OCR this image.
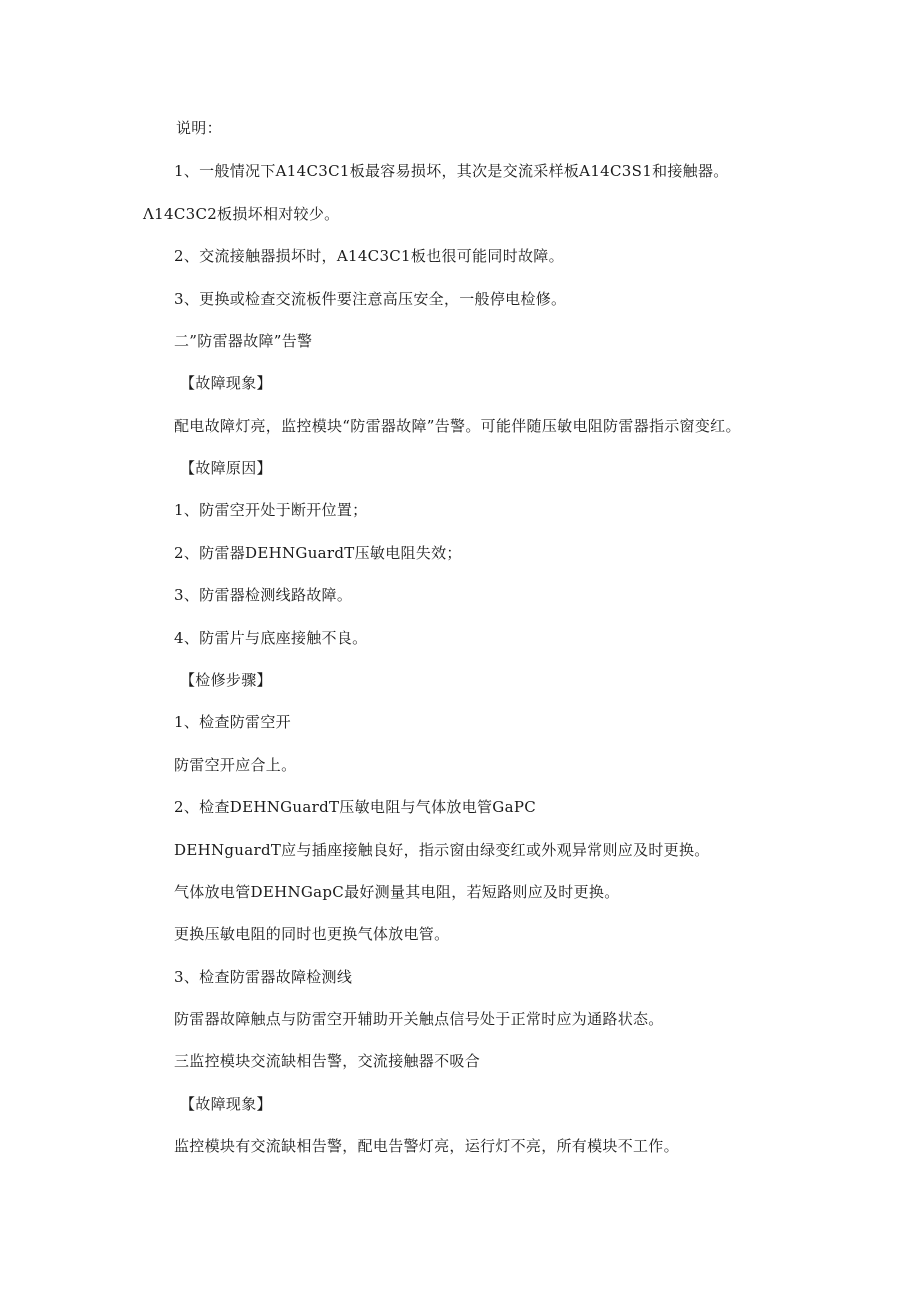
说明：
1、一般情况下A14C3C1板最容易损坏，其次是交流采样板A14C3S1和接触器。
Λ14C3C2板损坏相对较少。
2、交流接触器损坏时，A14C3C1板也很可能同时故障。
3、更换或检查交流板件要注意高压安全，一般停电检修。
二”防雷器故障”告警
【故障现象】
配电故障灯亮，监控模块“防雷器故障”告警。可能伴随压敏电阻防雷器指示窗变红。
【故障原因】
1、防雷空开处于断开位置；
2、防雷器DEHNGuardT压敏电阻失效；
3、防雷器检测线路故障。
4、防雷片与底座接触不良。
【检修步骤】
1、检查防雷空开
防雷空开应合上。
2、检查DEHNGuardT压敏电阻与气体放电管GaPC
DEHNguardT应与插座接触良好，指示窗由绿变红或外观异常则应及时更换。
气体放电管DEHNGapC最好测量其电阻，若短路则应及时更换。
更换压敏电阻的同时也更换气体放电管。
3、检查防雷器故障检测线
防雷器故障触点与防雷空开辅助开关触点信号处于正常时应为通路状态。
三监控模块交流缺相告警，交流接触器不吸合
【故障现象】
监控模块有交流缺相告警，配电告警灯亮，运行灯不亮，所有模块不工作。
